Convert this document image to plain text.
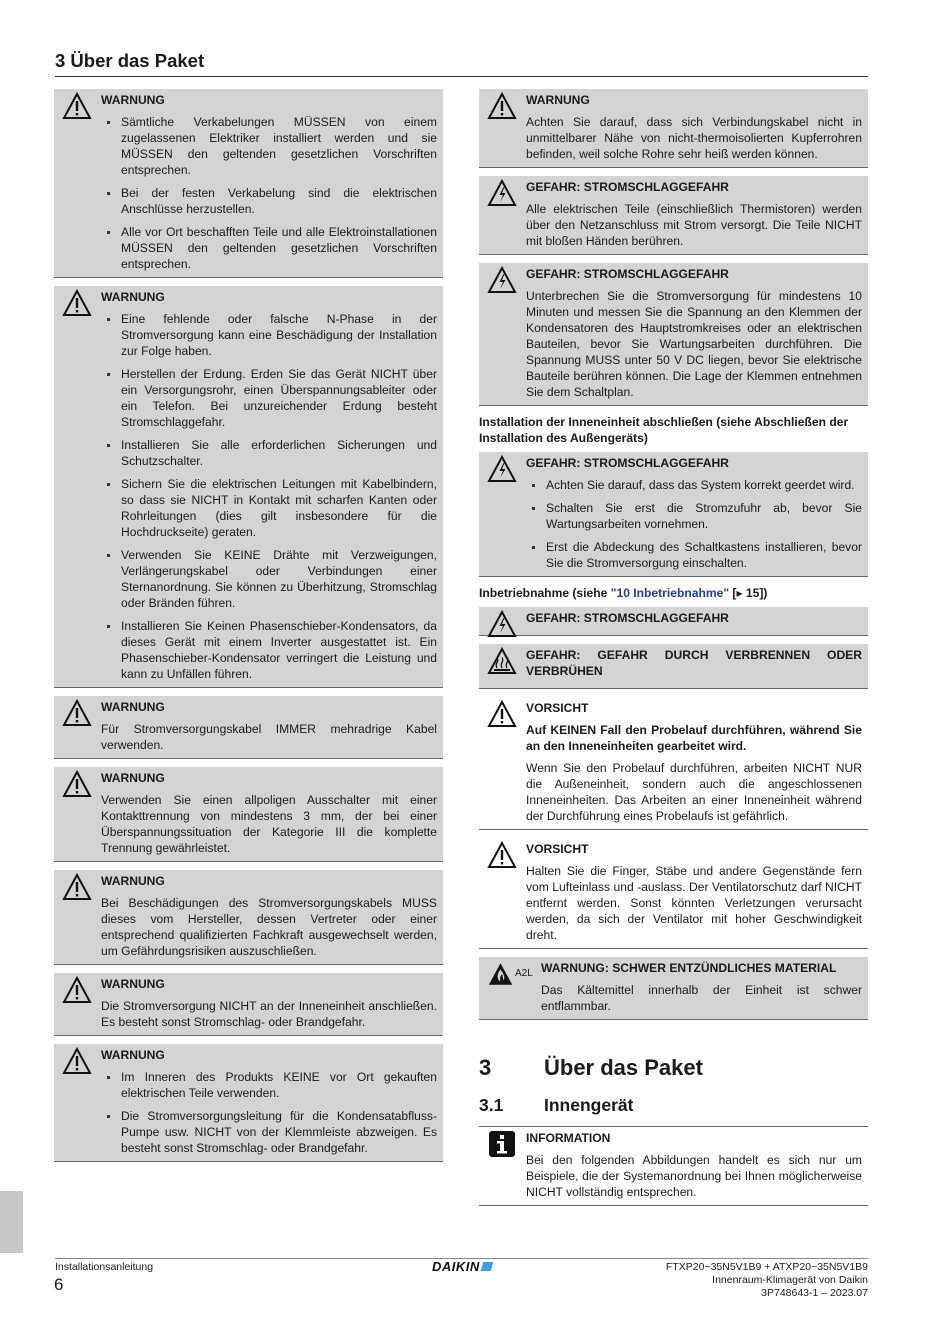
3 Über das Paket
WARNUNG
Sämtliche Verkabelungen MÜSSEN von einem zugelassenen Elektriker installiert werden und sie MÜSSEN den geltenden gesetzlichen Vorschriften entsprechen.
Bei der festen Verkabelung sind die elektrischen Anschlüsse herzustellen.
Alle vor Ort beschafften Teile und alle Elektroinstallationen MÜSSEN den geltenden gesetzlichen Vorschriften entsprechen.
WARNUNG
Eine fehlende oder falsche N-Phase in der Stromversorgung kann eine Beschädigung der Installation zur Folge haben.
Herstellen der Erdung. Erden Sie das Gerät NICHT über ein Versorgungsrohr, einen Überspannungsableiter oder ein Telefon. Bei unzureichender Erdung besteht Stromschlaggefahr.
Installieren Sie alle erforderlichen Sicherungen und Schutzschalter.
Sichern Sie die elektrischen Leitungen mit Kabelbindern, so dass sie NICHT in Kontakt mit scharfen Kanten oder Rohrleitungen (dies gilt insbesondere für die Hochdruckseite) geraten.
Verwenden Sie KEINE Drähte mit Verzweigungen, Verlängerungskabel oder Verbindungen einer Sternanordnung. Sie können zu Überhitzung, Stromschlag oder Bränden führen.
Installieren Sie Keinen Phasenschieber-Kondensators, da dieses Gerät mit einem Inverter ausgestattet ist. Ein Phasenschieber-Kondensator verringert die Leistung und kann zu Unfällen führen.
WARNUNG

Für Stromversorgungskabel IMMER mehradrige Kabel verwenden.

WARNUNG

Verwenden Sie einen allpoligen Ausschalter mit einer Kontakttrennung von mindestens 3 mm, der bei einer Überspannungssituation der Kategorie III die komplette Trennung gewährleistet.

WARNUNG

Bei Beschädigungen des Stromversorgungskabels MUSS dieses vom Hersteller, dessen Vertreter oder einer entsprechend qualifizierten Fachkraft ausgewechselt werden, um Gefährdungsrisiken auszuschließen.

WARNUNG

Die Stromversorgung NICHT an der Inneneinheit anschließen. Es besteht sonst Stromschlag- oder Brandgefahr.

WARNUNG
Im Inneren des Produkts KEINE vor Ort gekauften elektrischen Teile verwenden.
Die Stromversorgungsleitung für die Kondensatabfluss-Pumpe usw. NICHT von der Klemmleiste abzweigen. Es besteht sonst Stromschlag- oder Brandgefahr.
WARNUNG

Achten Sie darauf, dass sich Verbindungskabel nicht in unmittelbarer Nähe von nicht-thermoisolierten Kupferrohren befinden, weil solche Rohre sehr heiß werden können.

GEFAHR: STROMSCHLAGGEFAHR

Alle elektrischen Teile (einschließlich Thermistoren) werden über den Netzanschluss mit Strom versorgt. Die Teile NICHT mit bloßen Händen berühren.

GEFAHR: STROMSCHLAGGEFAHR

Unterbrechen Sie die Stromversorgung für mindestens 10 Minuten und messen Sie die Spannung an den Klemmen der Kondensatoren des Hauptstromkreises oder an elektrischen Bauteilen, bevor Sie Wartungsarbeiten durchführen. Die Spannung MUSS unter 50 V DC liegen, bevor Sie elektrische Bauteile berühren können. Die Lage der Klemmen entnehmen Sie dem Schaltplan.

Installation der Inneneinheit abschließen (siehe Abschließen der Installation des Außengeräts)
GEFAHR: STROMSCHLAGGEFAHR
Achten Sie darauf, dass das System korrekt geerdet wird.
Schalten Sie erst die Stromzufuhr ab, bevor Sie Wartungsarbeiten vornehmen.
Erst die Abdeckung des Schaltkastens installieren, bevor Sie die Stromversorgung einschalten.
Inbetriebnahme (siehe "10 Inbetriebnahme" [▸ 15])
GEFAHR: STROMSCHLAGGEFAHR
GEFAHR: GEFAHR DURCH VERBRENNEN ODER VERBRÜHEN
VORSICHT

Auf KEINEN Fall den Probelauf durchführen, während Sie an den Inneneinheiten gearbeitet wird.

Wenn Sie den Probelauf durchführen, arbeiten NICHT NUR die Außeneinheit, sondern auch die angeschlossenen Inneneinheiten. Das Arbeiten an einer Inneneinheit während der Durchführung eines Probelaufs ist gefährlich.

VORSICHT

Halten Sie die Finger, Stäbe und andere Gegenstände fern vom Lufteinlass und -auslass. Der Ventilatorschutz darf NICHT entfernt werden. Sonst könnten Verletzungen verursacht werden, da sich der Ventilator mit hoher Geschwindigkeit dreht.

A2L WARNUNG: SCHWER ENTZÜNDLICHES MATERIAL

Das Kältemittel innerhalb der Einheit ist schwer entflammbar.

3	Über das Paket
3.1	Innengerät
INFORMATION

Bei den folgenden Abbildungen handelt es sich nur um Beispiele, die der Systemanordnung bei Ihnen möglicherweise NICHT vollständig entsprechen.

Installationsanleitung
6
DAIKIN	FTXP20~35N5V1B9 + ATXP20~35N5V1B9
Innenraum-Klimagerät von Daikin
3P748643-1 – 2023.07
